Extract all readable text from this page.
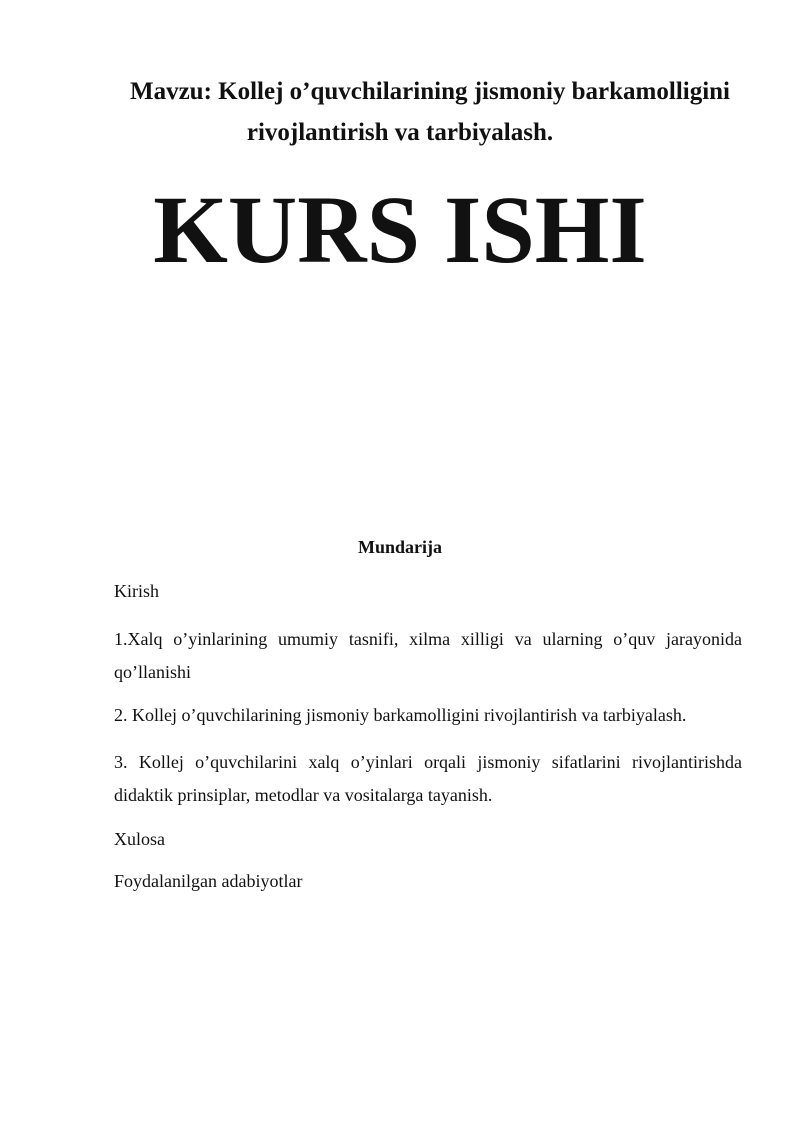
Mavzu: Kollej o’quvchilarining jismoniy barkamolligini
rivojlantirish va tarbiyalash.
KURS ISHI
Mundarija
Kirish
1.Xalq o’yinlarining umumiy tasnifi, xilma xilligi va ularning o’quv jarayonida qo’llanishi
2. Kollej o’quvchilarining jismoniy barkamolligini rivojlantirish va tarbiyalash.
3. Kollej o’quvchilarini xalq o’yinlari orqali jismoniy sifatlarini rivojlantirishda didaktik prinsiplar, metodlar va vositalarga tayanish.
Xulosa
Foydalanilgan adabiyotlar
